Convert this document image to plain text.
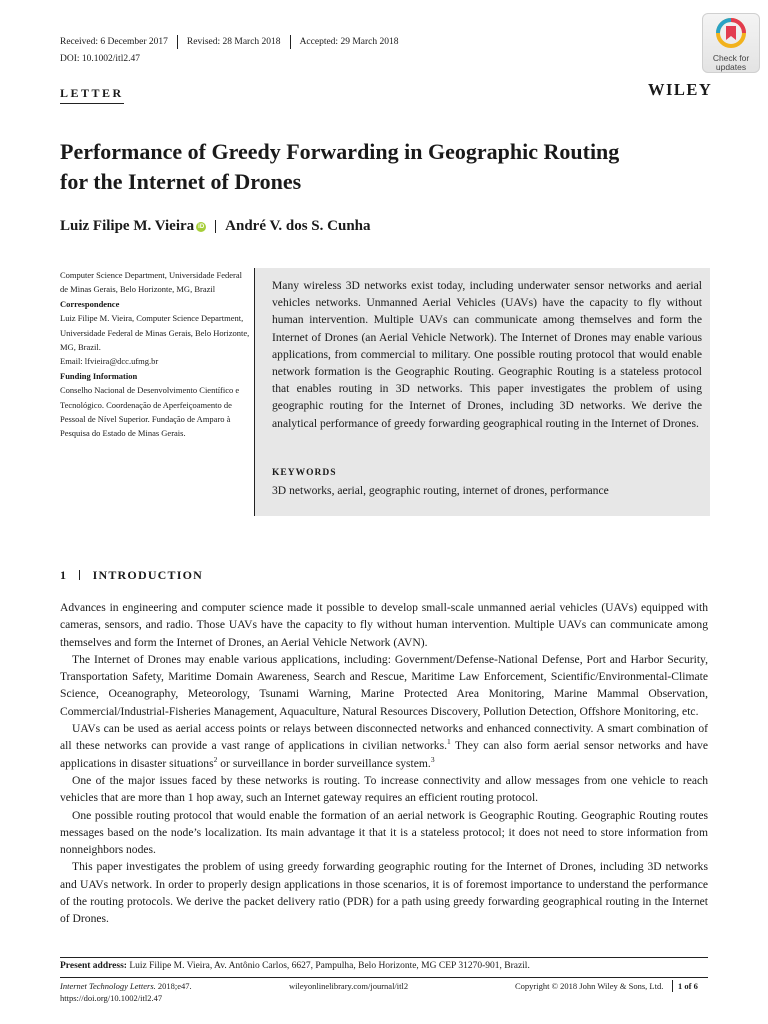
Received: 6 December 2017 Revised: 28 March 2018 Accepted: 29 March 2018
DOI: 10.1002/itl2.47	Check for
updates
LETTER	WILEY
Performance of Greedy Forwarding in Geographic Routing
for the Internet of Drones
Luiz Filipe M. Vieira iD André V. dos S. Cunha

Computer Science Department, Universidade Federal de Minas Gerais, Belo Horizonte, MG, Brazil

Correspondence

Luiz Filipe M. Vieira, Computer Science Department, Universidade Federal de Minas Gerais, Belo Horizonte, MG, Brazil.

Email: lfvieira@dcc.ufmg.br

Funding Information

Conselho Nacional de Desenvolvimento Científico e Tecnológico. Coordenação de Aperfeiçoamento de Pessoal de Nível Superior. Fundação de Amparo à Pesquisa do Estado de Minas Gerais.

Many wireless 3D networks exist today, including underwater sensor networks and aerial vehicles networks. Unmanned Aerial Vehicles (UAVs) have the capacity to fly without human intervention. Multiple UAVs can communicate among themselves and form the Internet of Drones (an Aerial Vehicle Network). The Internet of Drones may enable various applications, from commercial to military. One possible routing protocol that would enable network formation is the Geographic Routing. Geographic Routing is a stateless protocol that enables routing in 3D networks. This paper investigates the problem of using geographic routing for the Internet of Drones, including 3D networks. We derive the analytical performance of greedy forwarding geographical routing in the Internet of Drones.
KEYWORDS
3D networks, aerial, geographic routing, internet of drones, performance
1 INTRODUCTION

Advances in engineering and computer science made it possible to develop small-scale unmanned aerial vehicles (UAVs) equipped with cameras, sensors, and radio. Those UAVs have the capacity to fly without human intervention. Multiple UAVs can communicate among themselves and form the Internet of Drones, an Aerial Vehicle Network (AVN).

The Internet of Drones may enable various applications, including: Government/Defense-National Defense, Port and Harbor Security, Transportation Safety, Maritime Domain Awareness, Search and Rescue, Maritime Law Enforcement, Scientific/Environmental-Climate Science, Oceanography, Meteorology, Tsunami Warning, Marine Protected Area Monitoring, Marine Mammal Observation, Commercial/Industrial-Fisheries Management, Aquaculture, Natural Resources Discovery, Pollution Detection, Offshore Monitoring, etc.

UAVs can be used as aerial access points or relays between disconnected networks and enhanced connectivity. A smart combination of all these networks can provide a vast range of applications in civilian networks.$^1$ They can also form aerial sensor networks and have applications in disaster situations$^2$ or surveillance in border surveillance system.$^3$

One of the major issues faced by these networks is routing. To increase connectivity and allow messages from one vehicle to reach vehicles that are more than 1 hop away, such an Internet gateway requires an efficient routing protocol.

One possible routing protocol that would enable the formation of an aerial network is Geographic Routing. Geographic Routing routes messages based on the node’s localization. Its main advantage it that it is a stateless protocol; it does not need to store information from nonneighbors nodes.

This paper investigates the problem of using greedy forwarding geographic routing for the Internet of Drones, including 3D networks and UAVs network. In order to properly design applications in those scenarios, it is of foremost importance to understand the performance of the routing protocols. We derive the packet delivery ratio (PDR) for a path using greedy forwarding geographical routing in the Internet of Drones.

Present address: Luiz Filipe M. Vieira, Av. Antônio Carlos, 6627, Pampulha, Belo Horizonte, MG CEP 31270-901, Brazil.
Internet Technology Letters. 2018;e47.
https://doi.org/10.1002/itl2.47
wileyonlinelibrary.com/journal/itl2	Copyright © 2018 John Wiley & Sons, Ltd. 1 of 6
